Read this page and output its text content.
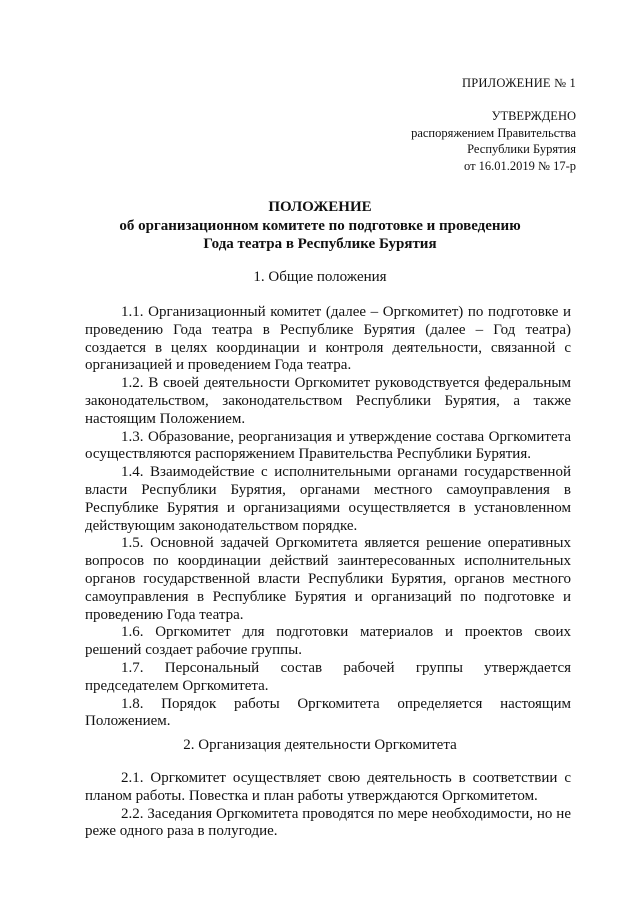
ПРИЛОЖЕНИЕ № 1
УТВЕРЖДЕНО
распоряжением Правительства
Республики Бурятия
от 16.01.2019 № 17-р
ПОЛОЖЕНИЕ
об организационном комитете по подготовке и проведению
Года театра в Республике Бурятия
1. Общие положения

1.1. Организационный комитет (далее – Оргкомитет) по подготовке и проведению Года театра в Республике Бурятия (далее – Год театра) создается в целях координации и контроля деятельности, связанной с организацией и проведением Года театра.

1.2. В своей деятельности Оргкомитет руководствуется федеральным законодательством, законодательством Республики Бурятия, а также настоящим Положением.

1.3. Образование, реорганизация и утверждение состава Оргкомитета осуществляются распоряжением Правительства Республики Бурятия.

1.4. Взаимодействие с исполнительными органами государственной власти Республики Бурятия, органами местного самоуправления в Республике Бурятия и организациями осуществляется в установленном действующим законодательством порядке.

1.5. Основной задачей Оргкомитета является решение оперативных вопросов по координации действий заинтересованных исполнительных органов государственной власти Республики Бурятия, органов местного самоуправления в Республике Бурятия и организаций по подготовке и проведению Года театра.

1.6. Оргкомитет для подготовки материалов и проектов своих решений создает рабочие группы.

1.7. Персональный состав рабочей группы утверждается председателем Оргкомитета.

1.8. Порядок работы Оргкомитета определяется настоящим Положением.

2. Организация деятельности Оргкомитета

2.1. Оргкомитет осуществляет свою деятельность в соответствии с планом работы. Повестка и план работы утверждаются Оргкомитетом.

2.2. Заседания Оргкомитета проводятся по мере необходимости, но не реже одного раза в полугодие.
